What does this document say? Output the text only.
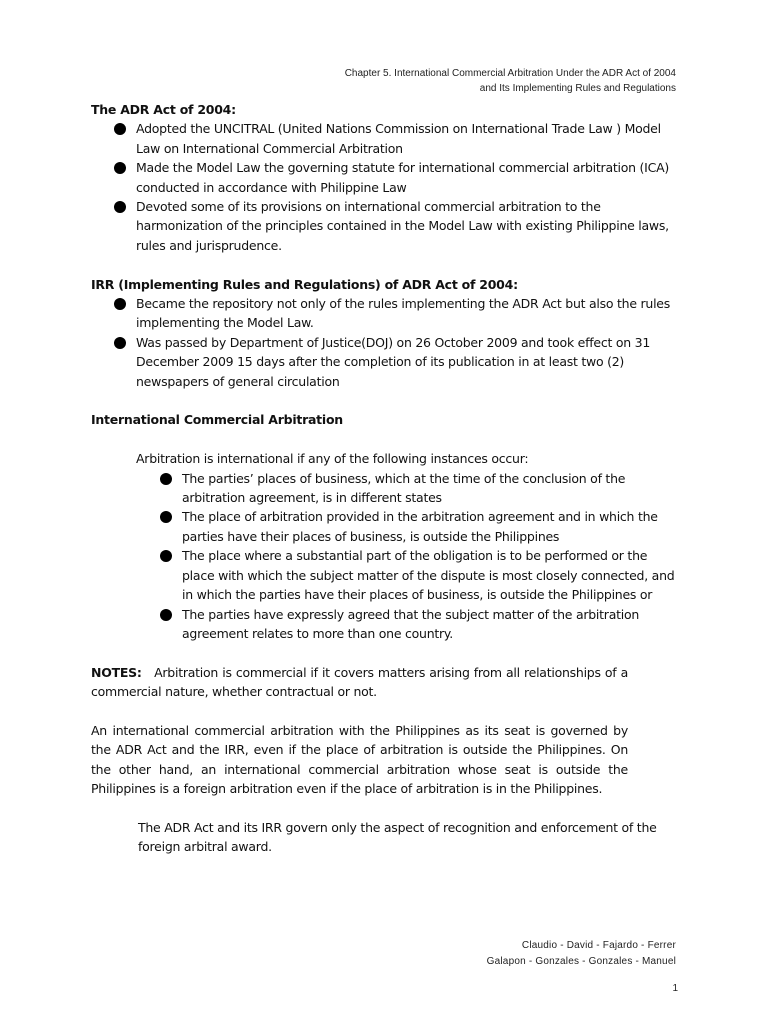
Chapter 5. International Commercial Arbitration Under the ADR Act of 2004
and Its Implementing Rules and Regulations

The ADR Act of 2004:

Adopted the UNCITRAL (United Nations Commission on International Trade Law ) Model Law on International Commercial Arbitration
Made the Model Law the governing statute for international commercial arbitration (ICA) conducted in accordance with Philippine Law
Devoted some of its provisions on international commercial arbitration to the harmonization of the principles contained in the Model Law with existing Philippine laws, rules and jurisprudence.

IRR (Implementing Rules and Regulations) of ADR Act of 2004:

Became the repository not only of the rules implementing the ADR Act but also the rules implementing the Model Law.
Was passed by Department of Justice(DOJ) on 26 October 2009 and took effect on 31 December 2009 15 days after the completion of its publication in at least two (2) newspapers of general circulation

International Commercial Arbitration

Arbitration is international if any of the following instances occur:

The parties’ places of business, which at the time of the conclusion of the arbitration agreement, is in different states
The place of arbitration provided in the arbitration agreement and in which the parties have their places of business, is outside the Philippines
The place where a substantial part of the obligation is to be performed or the place with which the subject matter of the dispute is most closely connected, and in which the parties have their places of business, is outside the Philippines or
The parties have expressly agreed that the subject matter of the arbitration agreement relates to more than one country.

NOTES: Arbitration is commercial if it covers matters arising from all relationships of a commercial nature, whether contractual or not.

An international commercial arbitration with the Philippines as its seat is governed by the ADR Act and the IRR, even if the place of arbitration is outside the Philippines. On the other hand, an international commercial arbitration whose seat is outside the Philippines is a foreign arbitration even if the place of arbitration is in the Philippines.

The ADR Act and its IRR govern only the aspect of recognition and enforcement of the foreign arbitral award.

Claudio - David - Fajardo - Ferrer
Galapon - Gonzales - Gonzales - Manuel
1
